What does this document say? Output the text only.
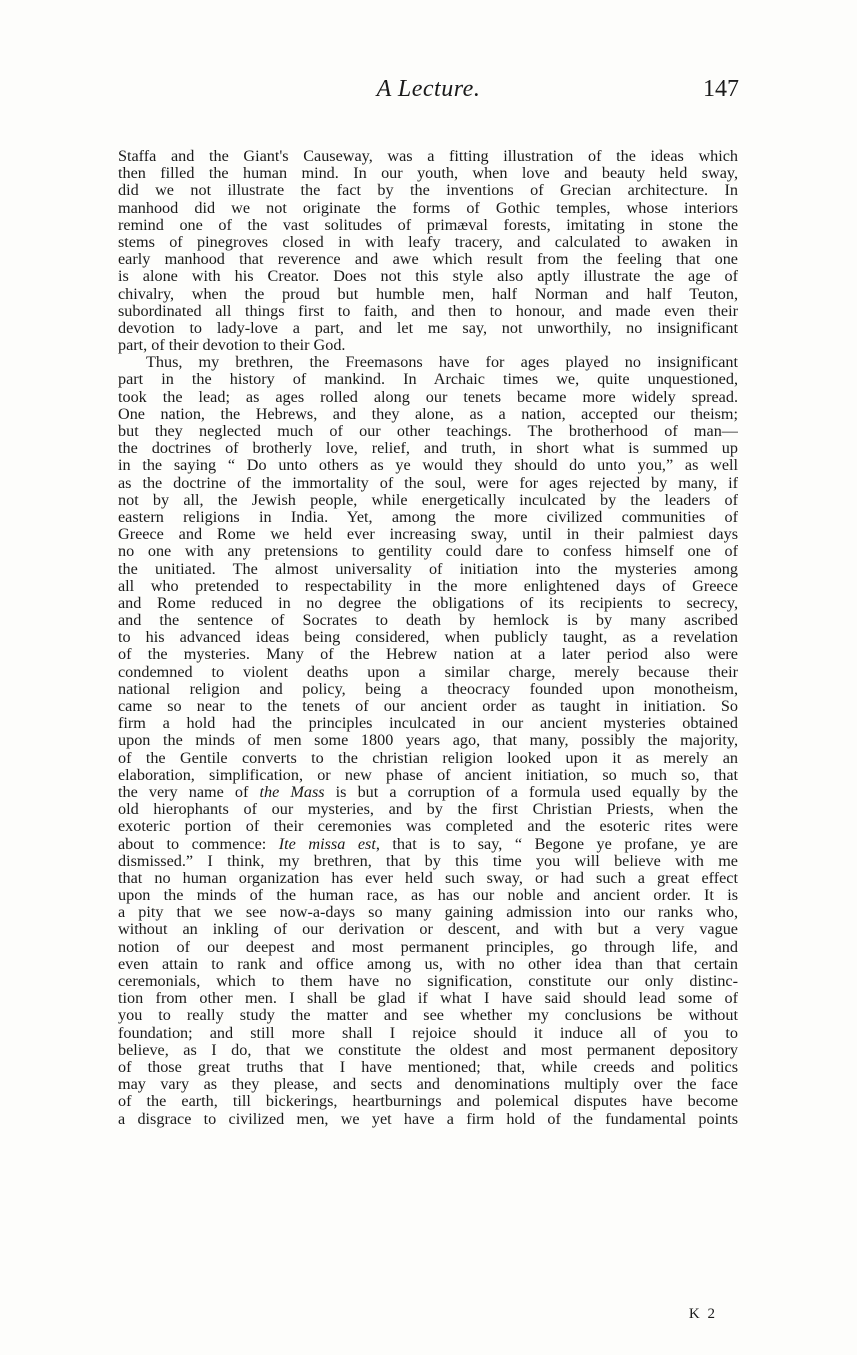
A Lecture.	147
Staffa and the Giant's Causeway, was a fitting illustration of the ideas which
then filled the human mind. In our youth, when love and beauty held sway,
did we not illustrate the fact by the inventions of Grecian architecture. In
manhood did we not originate the forms of Gothic temples, whose interiors
remind one of the vast solitudes of primæval forests, imitating in stone the
stems of pinegroves closed in with leafy tracery, and calculated to awaken in
early manhood that reverence and awe which result from the feeling that one
is alone with his Creator. Does not this style also aptly illustrate the age of
chivalry, when the proud but humble men, half Norman and half Teuton,
subordinated all things first to faith, and then to honour, and made even their
devotion to lady-love a part, and let me say, not unworthily, no insignificant
part, of their devotion to their God.
Thus, my brethren, the Freemasons have for ages played no insignificant
part in the history of mankind. In Archaic times we, quite unquestioned,
took the lead; as ages rolled along our tenets became more widely spread.
One nation, the Hebrews, and they alone, as a nation, accepted our theism;
but they neglected much of our other teachings. The brotherhood of man—
the doctrines of brotherly love, relief, and truth, in short what is summed up
in the saying “ Do unto others as ye would they should do unto you,” as well
as the doctrine of the immortality of the soul, were for ages rejected by many, if
not by all, the Jewish people, while energetically inculcated by the leaders of
eastern religions in India. Yet, among the more civilized communities of
Greece and Rome we held ever increasing sway, until in their palmiest days
no one with any pretensions to gentility could dare to confess himself one of
the unitiated. The almost universality of initiation into the mysteries among
all who pretended to respectability in the more enlightened days of Greece
and Rome reduced in no degree the obligations of its recipients to secrecy,
and the sentence of Socrates to death by hemlock is by many ascribed
to his advanced ideas being considered, when publicly taught, as a revelation
of the mysteries. Many of the Hebrew nation at a later period also were
condemned to violent deaths upon a similar charge, merely because their
national religion and policy, being a theocracy founded upon monotheism,
came so near to the tenets of our ancient order as taught in initiation. So
firm a hold had the principles inculcated in our ancient mysteries obtained
upon the minds of men some 1800 years ago, that many, possibly the majority,
of the Gentile converts to the christian religion looked upon it as merely an
elaboration, simplification, or new phase of ancient initiation, so much so, that
the very name of the Mass is but a corruption of a formula used equally by the
old hierophants of our mysteries, and by the first Christian Priests, when the
exoteric portion of their ceremonies was completed and the esoteric rites were
about to commence: Ite missa est, that is to say, “ Begone ye profane, ye are
dismissed.” I think, my brethren, that by this time you will believe with me
that no human organization has ever held such sway, or had such a great effect
upon the minds of the human race, as has our noble and ancient order. It is
a pity that we see now-a-days so many gaining admission into our ranks who,
without an inkling of our derivation or descent, and with but a very vague
notion of our deepest and most permanent principles, go through life, and
even attain to rank and office among us, with no other idea than that certain
ceremonials, which to them have no signification, constitute our only distinc-
tion from other men. I shall be glad if what I have said should lead some of
you to really study the matter and see whether my conclusions be without
foundation; and still more shall I rejoice should it induce all of you to
believe, as I do, that we constitute the oldest and most permanent depository
of those great truths that I have mentioned; that, while creeds and politics
may vary as they please, and sects and denominations multiply over the face
of the earth, till bickerings, heartburnings and polemical disputes have become
a disgrace to civilized men, we yet have a firm hold of the fundamental points
K 2
